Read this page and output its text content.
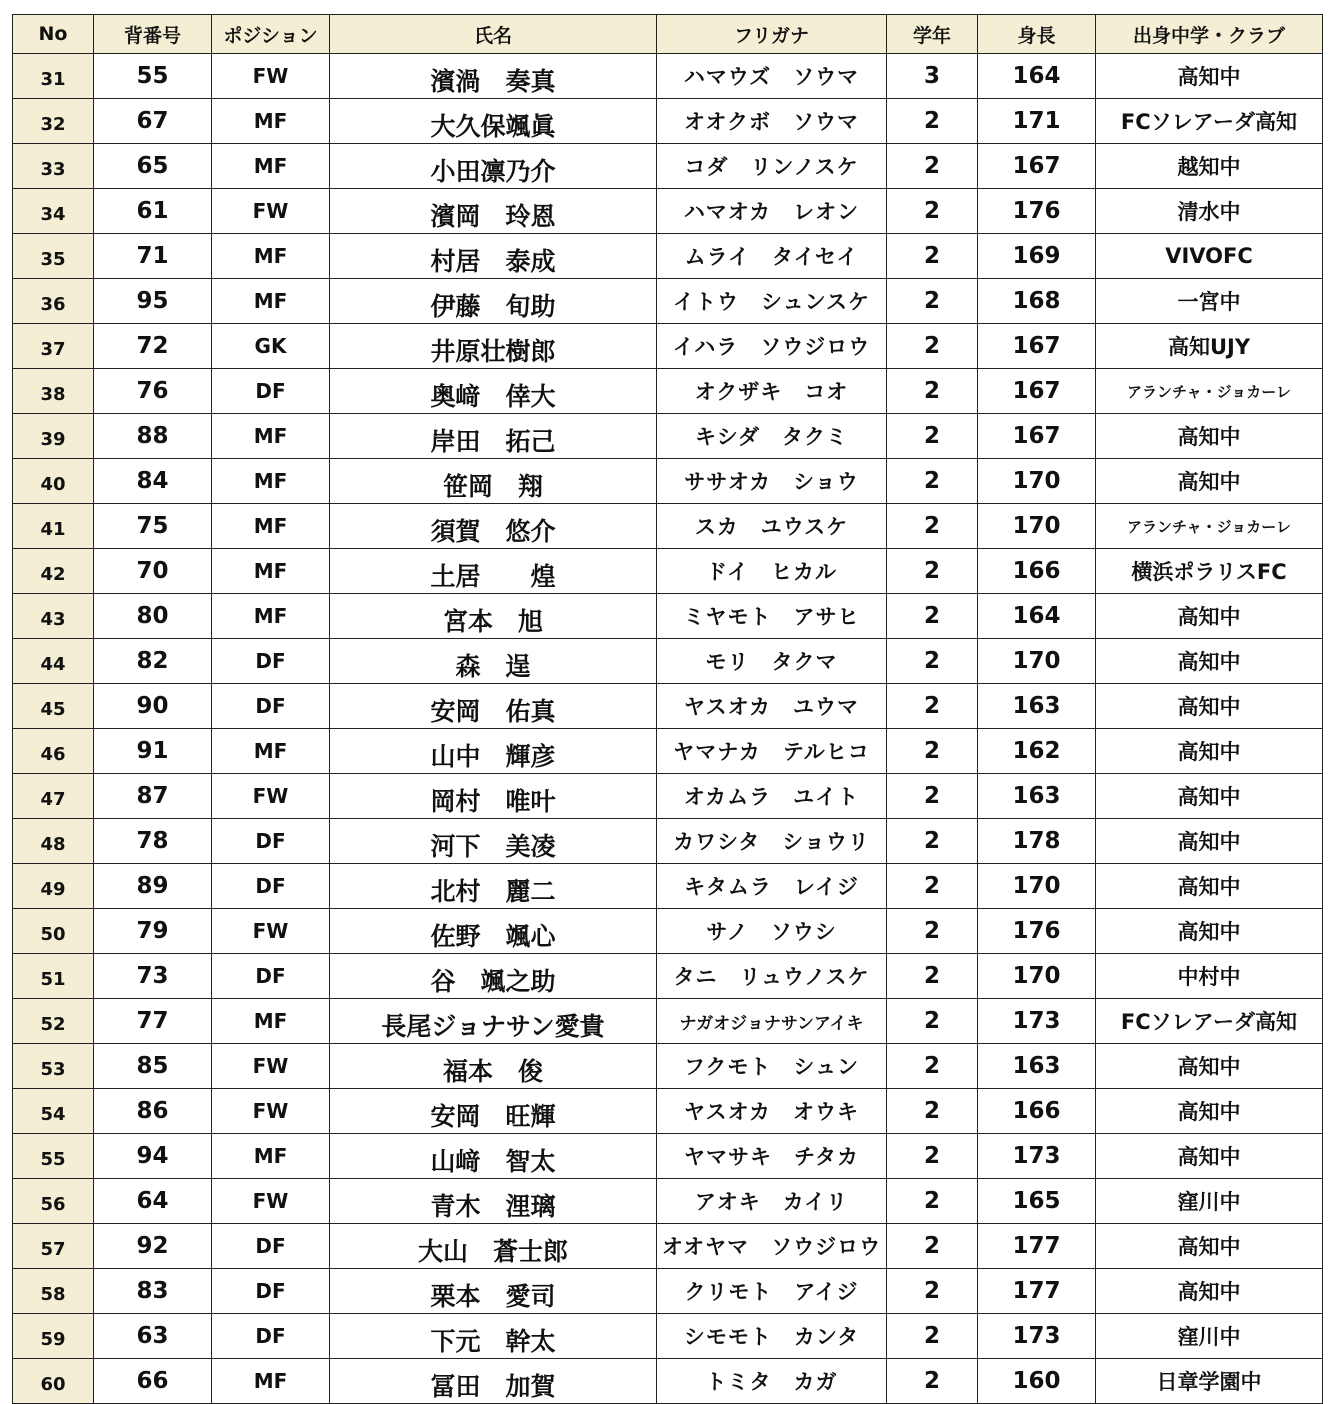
No	背番号	ポジション	氏名	フリガナ	学年	身長	出身中学・クラブ
31	55	FW	濱渦　奏真	ハマウズ　ソウマ	3	164	高知中
32	67	MF	大久保颯眞	オオクボ　ソウマ	2	171	FCソレアーダ高知
33	65	MF	小田凛乃介	コダ　リンノスケ	2	167	越知中
34	61	FW	濱岡　玲恩	ハマオカ　レオン	2	176	清水中
35	71	MF	村居　泰成	ムライ　タイセイ	2	169	VIVOFC
36	95	MF	伊藤　旬助	イトウ　シュンスケ	2	168	一宮中
37	72	GK	井原壮樹郎	イハラ　ソウジロウ	2	167	高知UJY
38	76	DF	奥﨑　倖大	オクザキ　コオ	2	167	アランチャ・ジョカーレ
39	88	MF	岸田　拓己	キシダ　タクミ	2	167	高知中
40	84	MF	笹岡　翔	ササオカ　ショウ	2	170	高知中
41	75	MF	須賀　悠介	スカ　ユウスケ	2	170	アランチャ・ジョカーレ
42	70	MF	土居　　煌	ドイ　ヒカル	2	166	横浜ポラリスFC
43	80	MF	宮本　旭	ミヤモト　アサヒ	2	164	高知中
44	82	DF	森　逞	モリ　タクマ	2	170	高知中
45	90	DF	安岡　佑真	ヤスオカ　ユウマ	2	163	高知中
46	91	MF	山中　輝彦	ヤマナカ　テルヒコ	2	162	高知中
47	87	FW	岡村　唯叶	オカムラ　ユイト	2	163	高知中
48	78	DF	河下　美凌	カワシタ　ショウリ	2	178	高知中
49	89	DF	北村　麗二	キタムラ　レイジ	2	170	高知中
50	79	FW	佐野　颯心	サノ　ソウシ	2	176	高知中
51	73	DF	谷　颯之助	タニ　リュウノスケ	2	170	中村中
52	77	MF	長尾ジョナサン愛貴	ナガオジョナサンアイキ	2	173	FCソレアーダ高知
53	85	FW	福本　俊	フクモト　シュン	2	163	高知中
54	86	FW	安岡　旺輝	ヤスオカ　オウキ	2	166	高知中
55	94	MF	山﨑　智太	ヤマサキ　チタカ	2	173	高知中
56	64	FW	青木　浬璃	アオキ　カイリ	2	165	窪川中
57	92	DF	大山　蒼士郎	オオヤマ　ソウジロウ	2	177	高知中
58	83	DF	栗本　愛司	クリモト　アイジ	2	177	高知中
59	63	DF	下元　幹太	シモモト　カンタ	2	173	窪川中
60	66	MF	冨田　加賀	トミタ　カガ	2	160	日章学園中
